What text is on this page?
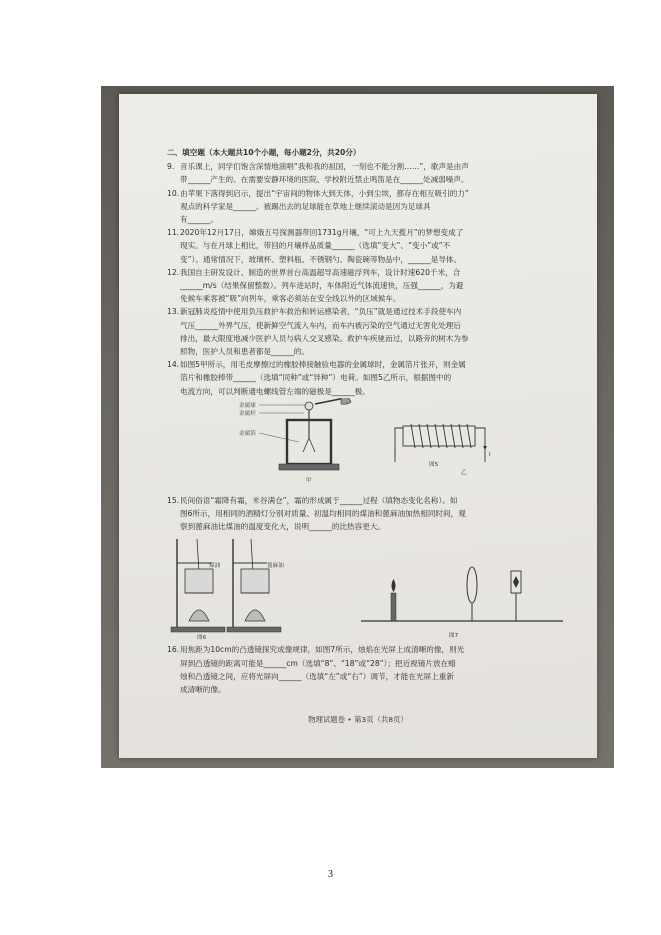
二、填空题（本大题共10个小题，每小题2分，共20分）
9. 音乐课上，同学们饱含深情地演唱“我和我的祖国，一刻也不能分割……”，歌声是由声
带______产生的。在需要安静环境的医院、学校附近禁止鸣笛是在______处减弱噪声。
10. 由苹果下落得到启示，提出“宇宙间的物体大到天体，小到尘埃，都存在相互吸引的力”
观点的科学家是______。被踢出去的足球能在草地上继续滚动是因为足球具
有______。
11. 2020年12月17日，嫦娥五号探测器带回1731g月壤，“可上九天揽月”的梦想变成了
现实。与在月球上相比，带回的月壤样品质量______（选填“变大”、“变小”或“不
变”）。通常情况下，玻璃杯、塑料瓶、不锈钢勺、陶瓷碗等物品中，______是导体。
12. 我国自主研发设计、制造的世界首台高温超导高速磁浮列车，设计时速620千米，合
______m/s（结果保留整数）。列车进站时，车体附近气体流速快，压强______，为避
免候车乘客被“吸”向列车，乘客必须站在安全线以外的区域候车。
13. 新冠肺炎疫情中使用负压救护车救治和转运感染者，“负压”就是通过技术手段使车内
气压______外界气压，使新鲜空气流入车内，而车内被污染的空气通过无害化处理后
排出，最大限度地减少医护人员与病人交叉感染。救护车疾驰而过，以路旁的树木为参
照物，医护人员和患者都是______的。
14. 如图5甲所示，用毛皮摩擦过的橡胶棒接触验电器的金属球时，金属箔片张开，则金属
箔片和橡胶棒带______（选填“同种”或“异种”）电荷。如图5乙所示，根据图中的
电流方向，可以判断通电螺线管左端的磁极是______极。
金属球
金属杆
金属箔
甲
I
图5
乙
15. 民间俗语“霜降有霜，米谷满仓”，霜的形成属于______过程（填物态变化名称）。如
图6所示，用相同的酒精灯分别对质量、初温均相同的煤油和蓖麻油加热相同时间，观
察到蓖麻油比煤油的温度变化大，说明______的比热容更大。
煤油	蓖麻油
图6	图7
16. 用焦距为10cm的凸透镜探究成像规律，如图7所示，烛焰在光屏上成清晰的像，则光
屏到凸透镜的距离可能是______cm（选填“8”、“18”或“28”）；把近视镜片放在蜡
烛和凸透镜之间，应将光屏向______（选填“左”或“右”）调节，才能在光屏上重新
成清晰的像。
物理试题卷 • 第3页（共8页）
3
